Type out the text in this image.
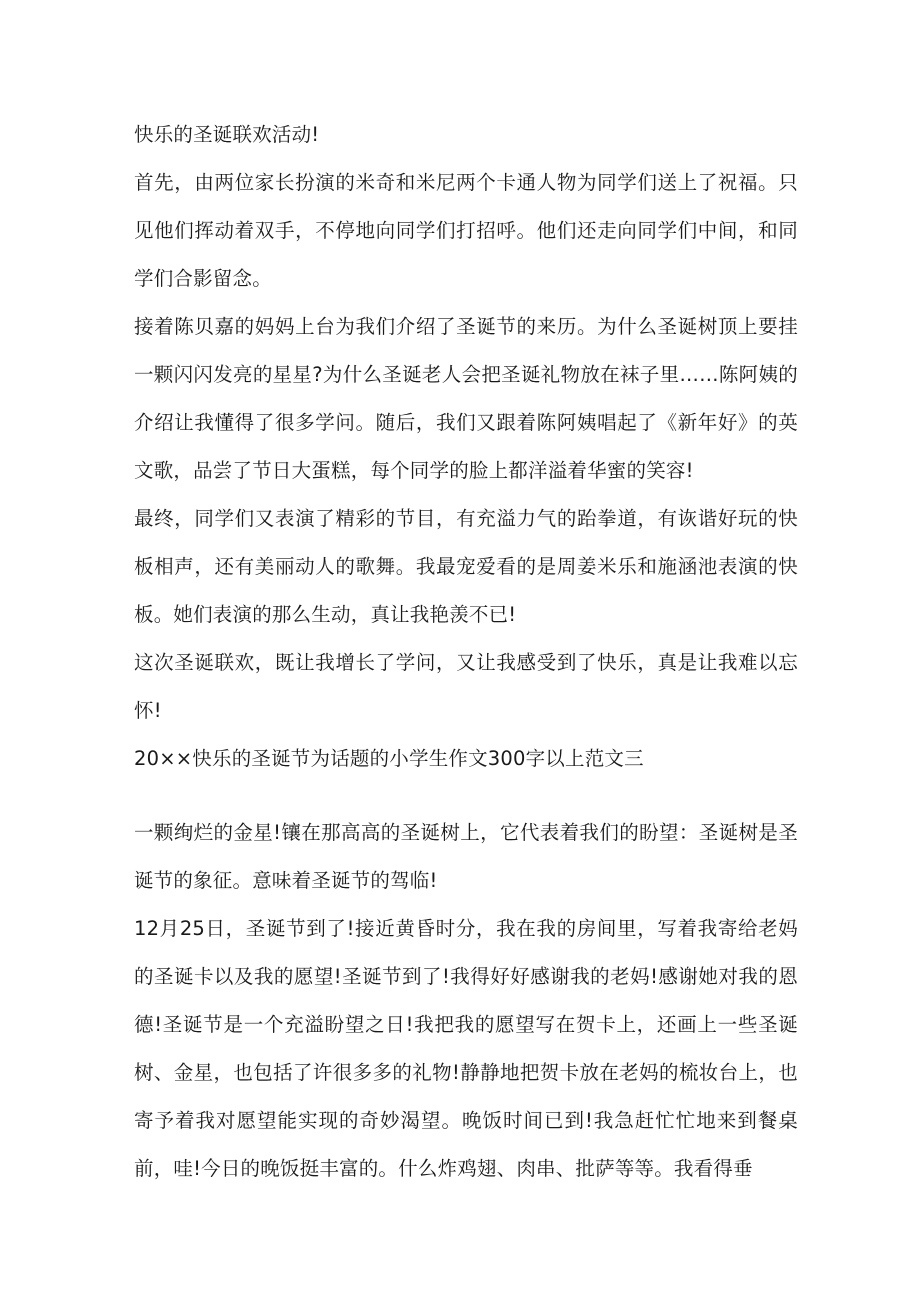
快乐的圣诞联欢活动!

首先，由两位家长扮演的米奇和米尼两个卡通人物为同学们送上了祝福。只见他们挥动着双手，不停地向同学们打招呼。他们还走向同学们中间，和同学们合影留念。

接着陈贝嘉的妈妈上台为我们介绍了圣诞节的来历。为什么圣诞树顶上要挂一颗闪闪发亮的星星?为什么圣诞老人会把圣诞礼物放在袜子里……陈阿姨的介绍让我懂得了很多学问。随后，我们又跟着陈阿姨唱起了《新年好》的英文歌，品尝了节日大蛋糕，每个同学的脸上都洋溢着华蜜的笑容!

最终，同学们又表演了精彩的节目，有充溢力气的跆拳道，有诙谐好玩的快板相声，还有美丽动人的歌舞。我最宠爱看的是周姜米乐和施涵池表演的快板。她们表演的那么生动，真让我艳羡不已!

这次圣诞联欢，既让我增长了学问，又让我感受到了快乐，真是让我难以忘怀!

20××快乐的圣诞节为话题的小学生作文300字以上范文三

一颗绚烂的金星!镶在那高高的圣诞树上，它代表着我们的盼望：圣诞树是圣诞节的象征。意味着圣诞节的驾临!

12月25日，圣诞节到了!接近黄昏时分，我在我的房间里，写着我寄给老妈的圣诞卡以及我的愿望!圣诞节到了!我得好好感谢我的老妈!感谢她对我的恩德!圣诞节是一个充溢盼望之日!我把我的愿望写在贺卡上，还画上一些圣诞树、金星，也包括了许很多多的礼物!静静地把贺卡放在老妈的梳妆台上，也寄予着我对愿望能实现的奇妙渴望。晚饭时间已到!我急赶忙忙地来到餐桌前，哇!今日的晚饭挺丰富的。什么炸鸡翅、肉串、批萨等等。我看得垂
